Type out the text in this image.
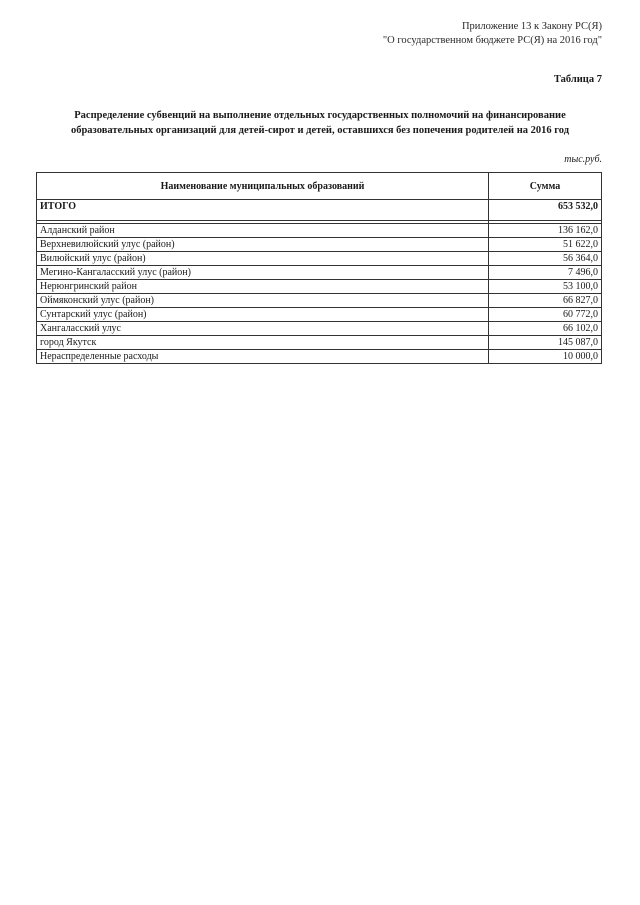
Приложение 13 к Закону РС(Я)
"О государственном бюджете РС(Я) на 2016 год"
Таблица 7
Распределение субвенций на выполнение отдельных государственных полномочий на финансирование
образовательных организаций для детей-сирот и детей, оставшихся без попечения родителей на 2016 год
тыс.руб.
Наименование муниципальных образований	Сумма
ИТОГО	653 532,0

Алданский район	136 162,0
Верхневилюйский улус (район)	51 622,0
Вилюйский улус (район)	56 364,0
Мегино-Кангаласский улус (район)	7 496,0
Нерюнгринский район	53 100,0
Оймяконский улус (район)	66 827,0
Сунтарский улус (район)	60 772,0
Хангаласский улус	66 102,0
город Якутск	145 087,0
Нераспределенные расходы	10 000,0
